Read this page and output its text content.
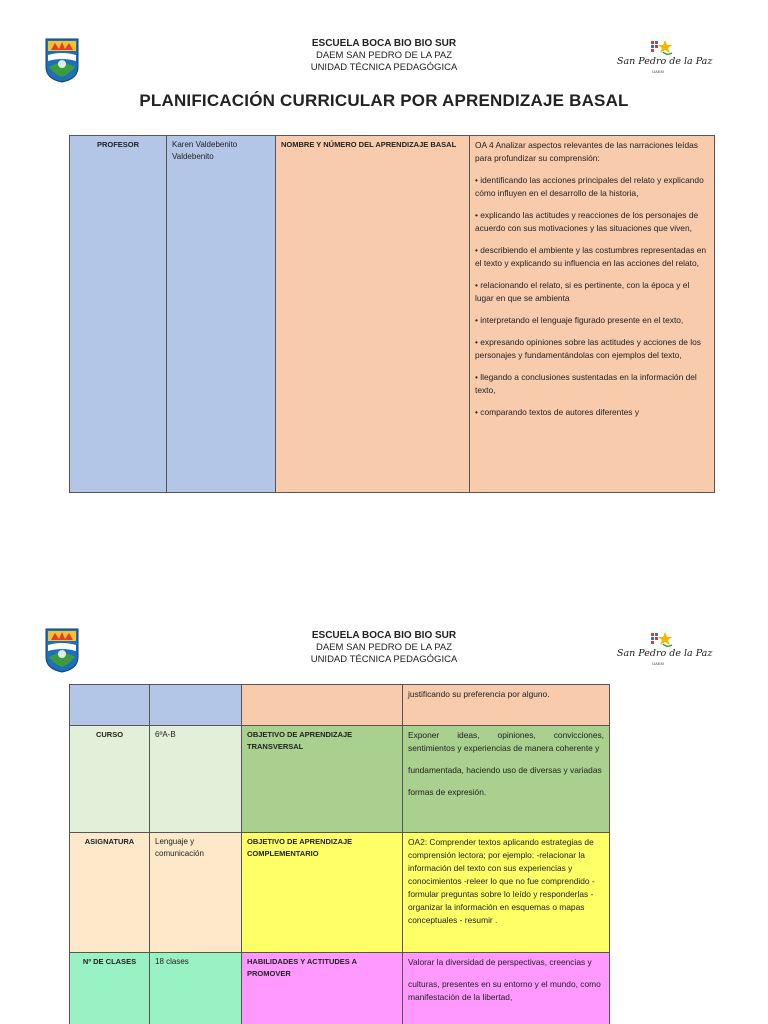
ESCUELA BOCA BIO BIO SUR
DAEM SAN PEDRO DE LA PAZ
UNIDAD TÉCNICA PEDAGÓGICA
San Pedro de la Paz
DAEM
PLANIFICACIÓN CURRICULAR POR APRENDIZAJE BASAL
PROFESOR	Karen Valdebenito Valdebenito	NOMBRE Y NÚMERO DEL APRENDIZAJE BASAL	OA 4 Analizar aspectos relevantes de las narraciones leídas para profundizar su comprensión:

• identificando las acciones principales del relato y explicando cómo influyen en el desarrollo de la historia,

• explicando las actitudes y reacciones de los personajes de acuerdo con sus motivaciones y las situaciones que viven,

• describiendo el ambiente y las costumbres representadas en el texto y explicando su influencia en las acciones del relato,

• relacionando el relato, si es pertinente, con la época y el lugar en que se ambienta

• interpretando el lenguaje figurado presente en el texto,

• expresando opiniones sobre las actitudes y acciones de los personajes y fundamentándolas con ejemplos del texto,

• llegando a conclusiones sustentadas en la información del texto,

• comparando textos de autores diferentes y

ESCUELA BOCA BIO BIO SUR
DAEM SAN PEDRO DE LA PAZ
UNIDAD TÉCNICA PEDAGÓGICA
San Pedro de la Paz
DAEM
			justificando su preferencia por alguno.
CURSO	6ºA-B	OBJETIVO DE APRENDIZAJE TRANSVERSAL	Exponer ideas, opiniones, convicciones, sentimientos y experiencias de manera coherente y

fundamentada, haciendo uso de diversas y variadas

formas de expresión.

ASIGNATURA	Lenguaje y comunicación	OBJETIVO DE APRENDIZAJE COMPLEMENTARIO	OA2: Comprender textos aplicando estrategias de comprensión lectora; por ejemplo: -relacionar la información del texto con sus experiencias y conocimientos -releer lo que no fue comprendido -formular preguntas sobre lo leído y responderlas -organizar la información en esquemas o mapas conceptuales - resumir .
Nº DE CLASES	18 clases	HABILIDADES Y ACTITUDES A PROMOVER	Valorar la diversidad de perspectivas, creencias y

culturas, presentes en su entorno y el mundo, como manifestación de la libertad,
